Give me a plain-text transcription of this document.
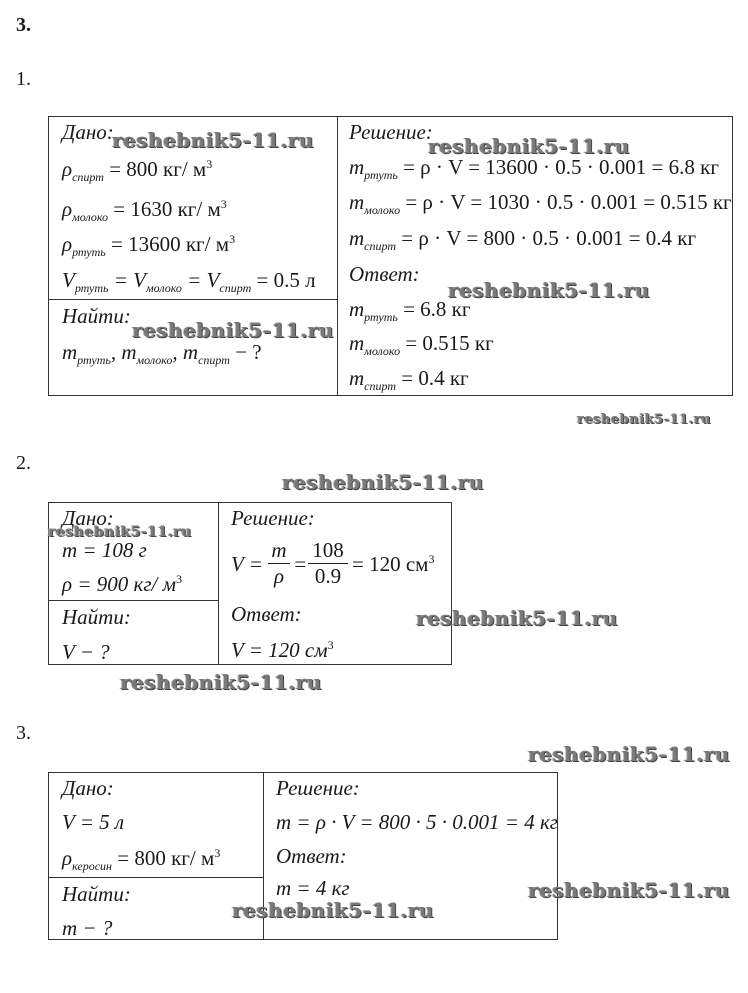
3.
1.
Дано:
$\rho_{спирт} = 800$ кг/ $м^3$
$\rho_{молоко} = 1630$ кг/ $м^3$
$\rho_{ртуть} = 13600$ кг/ $м^3$
$V_{ртуть} = V_{молоко} = V_{спирт} = 0.5$ л
Найти:
$m_{ртуть}$, $m_{молоко}$, $m_{спирт}$ − ?
Решение:
$m_{ртуть} = \rho \cdot V = 13600 \cdot 0.5 \cdot 0.001 = 6.8$ кг
$m_{молоко} = \rho \cdot V = 1030 \cdot 0.5 \cdot 0.001 = 0.515$ кг
$m_{спирт} = \rho \cdot V = 800 \cdot 0.5 \cdot 0.001 = 0.4$ кг
Ответ:
$m_{ртуть} = 6.8$ кг
$m_{молоко} = 0.515$ кг
$m_{спирт} = 0.4$ кг
2.
Дано:
m = 108 г
ρ = 900 кг/ $м^3$
Найти:
V − ?
Решение:
$V = \frac{m}{\rho} = \frac{108}{0.9} = 120$ $см^3$
Ответ:
V = 120 $см^3$
3.
Дано:
V = 5 л
$\rho_{керосин} = 800$ кг/ $м^3$
Найти:
m − ?
Решение:
m = ρ · V = 800 · 5 · 0.001 = 4 кг
Ответ:
m = 4 кг
reshebnik5-11.ru	reshebnik5-11.ru
reshebnik5-11.ru
reshebnik5-11.ru
reshebnik5-11.ru
reshebnik5-11.ru
reshebnik5-11.ru
reshebnik5-11.ru
reshebnik5-11.ru
reshebnik5-11.ru
reshebnik5-11.ru
reshebnik5-11.ru
